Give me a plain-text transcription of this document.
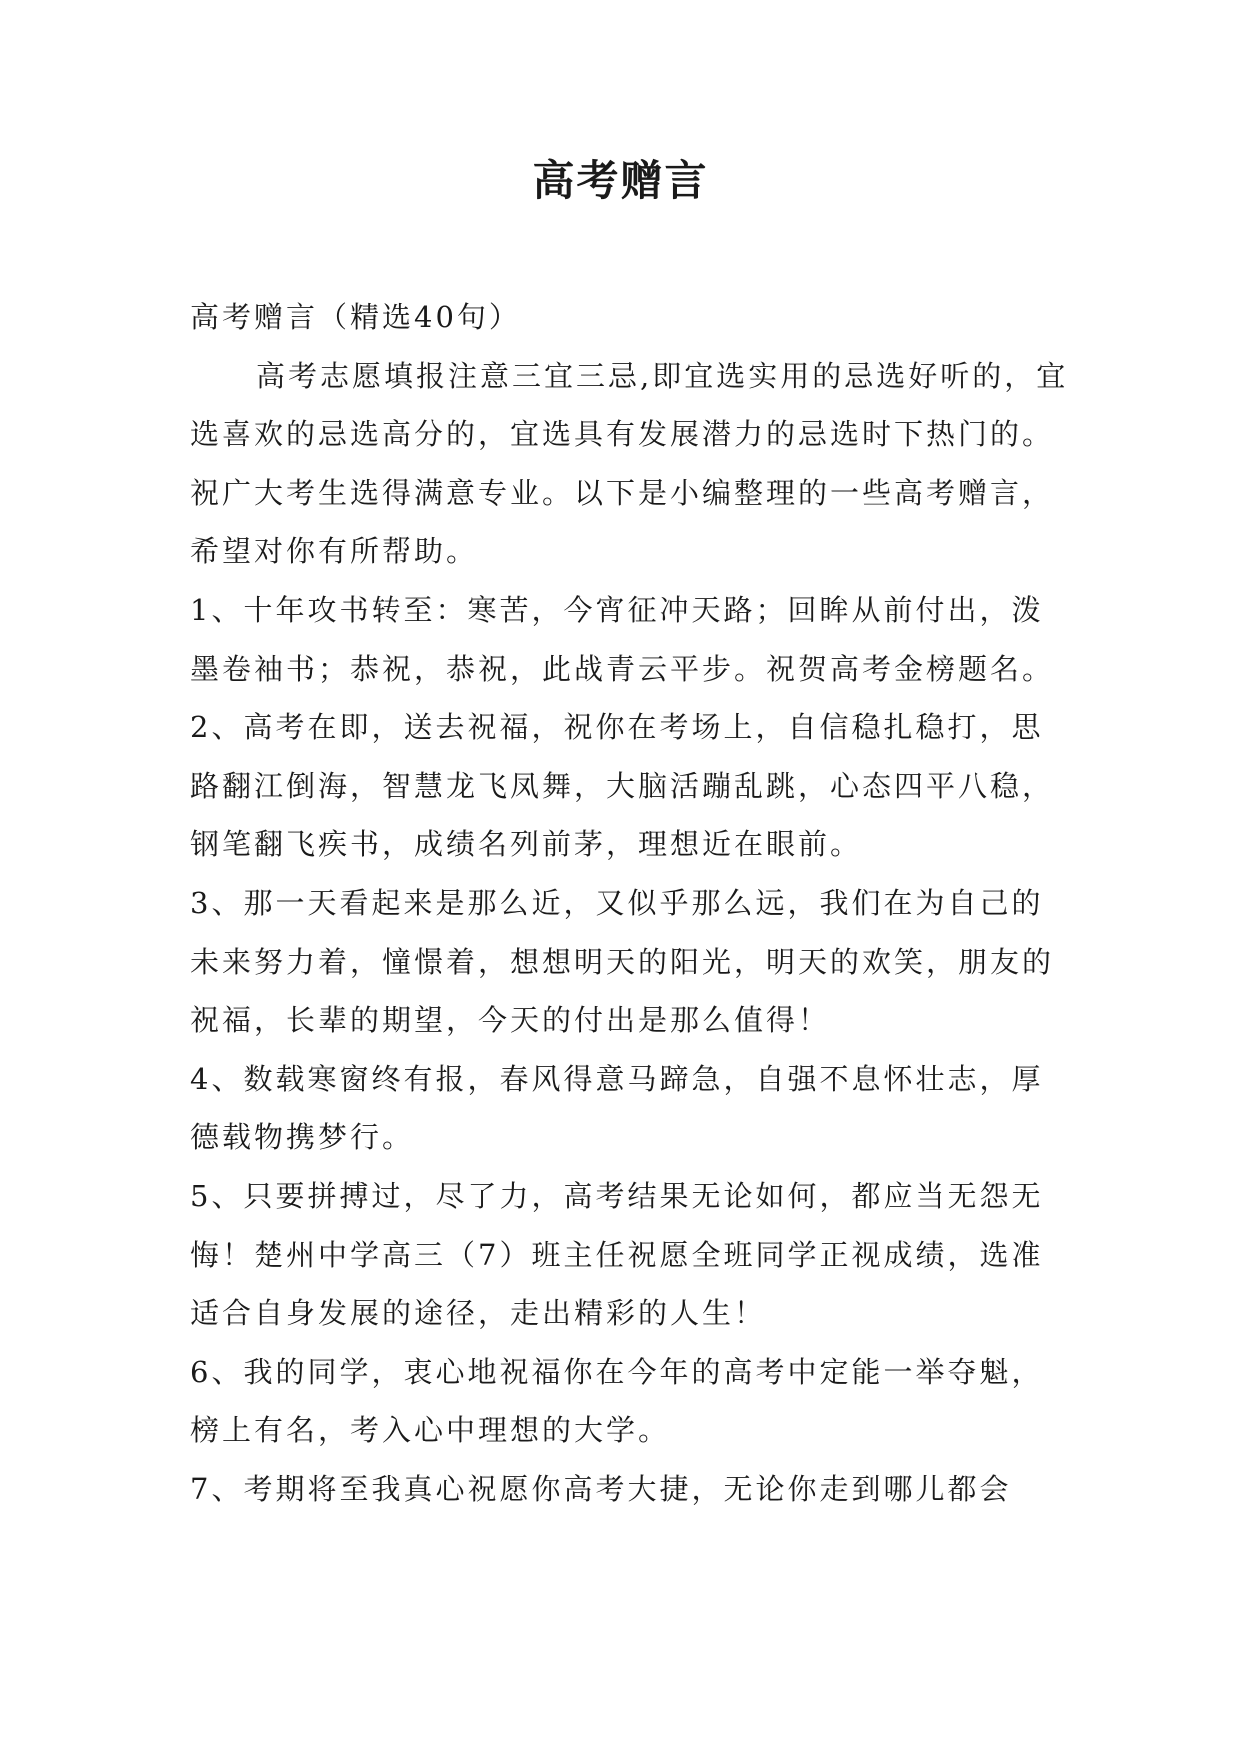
高考赠言

高考赠言（精选40句）

高考志愿填报注意三宜三忌,即宜选实用的忌选好听的，宜选喜欢的忌选高分的，宜选具有发展潜力的忌选时下热门的。祝广大考生选得满意专业。以下是小编整理的一些高考赠言，希望对你有所帮助。

1、十年攻书转至：寒苦，今宵征冲天路；回眸从前付出，泼墨卷袖书；恭祝，恭祝，此战青云平步。祝贺高考金榜题名。

2、高考在即，送去祝福，祝你在考场上，自信稳扎稳打，思路翻江倒海，智慧龙飞凤舞，大脑活蹦乱跳，心态四平八稳，钢笔翻飞疾书，成绩名列前茅，理想近在眼前。

3、那一天看起来是那么近，又似乎那么远，我们在为自己的未来努力着，憧憬着，想想明天的阳光，明天的欢笑，朋友的祝福，长辈的期望，今天的付出是那么值得！

4、数载寒窗终有报，春风得意马蹄急，自强不息怀壮志，厚德载物携梦行。

5、只要拼搏过，尽了力，高考结果无论如何，都应当无怨无悔！楚州中学高三（7）班主任祝愿全班同学正视成绩，选准适合自身发展的途径，走出精彩的人生！

6、我的同学，衷心地祝福你在今年的高考中定能一举夺魁，榜上有名，考入心中理想的大学。

7、考期将至我真心祝愿你高考大捷，无论你走到哪儿都会
